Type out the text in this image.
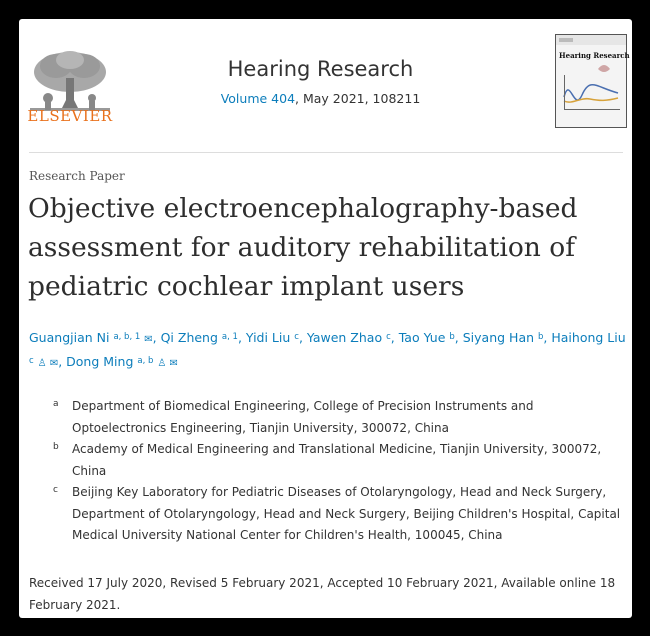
ELSEVIER
Hearing Research
Volume 404, May 2021, 108211
Hearing Research
Research Paper
Objective electroencephalography-based assessment for auditory rehabilitation of pediatric cochlear implant users
Guangjian Ni $^{a, b, 1}$ ✉, Qi Zheng $^{a, 1}$, Yidi Liu $^c$, Yawen Zhao $^c$, Tao Yue $^b$, Siyang Han $^b$, Haihong Liu $^c$ ♙ ✉, Dong Ming $^{a, b}$ ♙ ✉
a	Department of Biomedical Engineering, College of Precision Instruments and Optoelectronics Engineering, Tianjin University, 300072, China
b	Academy of Medical Engineering and Translational Medicine, Tianjin University, 300072, China
c	Beijing Key Laboratory for Pediatric Diseases of Otolaryngology, Head and Neck Surgery, Department of Otolaryngology, Head and Neck Surgery, Beijing Children's Hospital, Capital Medical University National Center for Children's Health, 100045, China
Received 17 July 2020, Revised 5 February 2021, Accepted 10 February 2021, Available online 18 February 2021.
